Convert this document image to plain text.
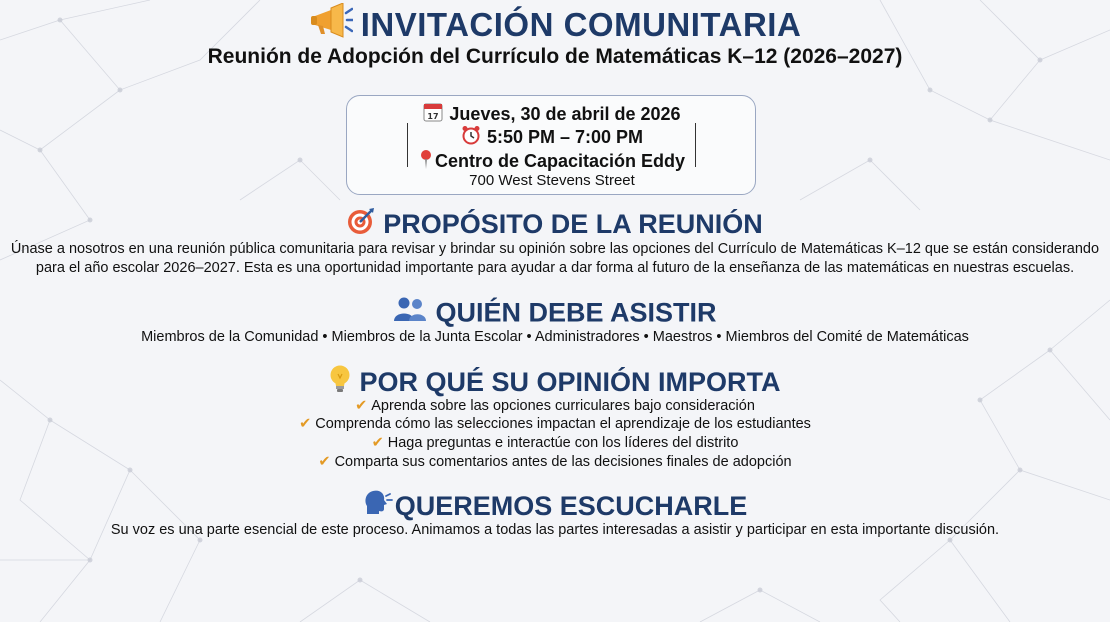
INVITACIÓN COMUNITARIA
Reunión de Adopción del Currículo de Matemáticas K–12 (2026–2027)
17 Jueves, 30 de abril de 2026
5:50 PM – 7:00 PM
Centro de Capacitación Eddy
700 West Stevens Street
PROPÓSITO DE LA REUNIÓN
Únase a nosotros en una reunión pública comunitaria para revisar y brindar su opinión sobre las opciones del Currículo de Matemáticas K–12 que se están considerando
para el año escolar 2026–2027. Esta es una oportunidad importante para ayudar a dar forma al futuro de la enseñanza de las matemáticas en nuestras escuelas.
QUIÉN DEBE ASISTIR
Miembros de la Comunidad • Miembros de la Junta Escolar • Administradores • Maestros • Miembros del Comité de Matemáticas
POR QUÉ SU OPINIÓN IMPORTA
✔ Aprenda sobre las opciones curriculares bajo consideración
✔ Comprenda cómo las selecciones impactan el aprendizaje de los estudiantes
✔ Haga preguntas e interactúe con los líderes del distrito
✔ Comparta sus comentarios antes de las decisiones finales de adopción
QUEREMOS ESCUCHARLE
Su voz es una parte esencial de este proceso. Animamos a todas las partes interesadas a asistir y participar en esta importante discusión.
